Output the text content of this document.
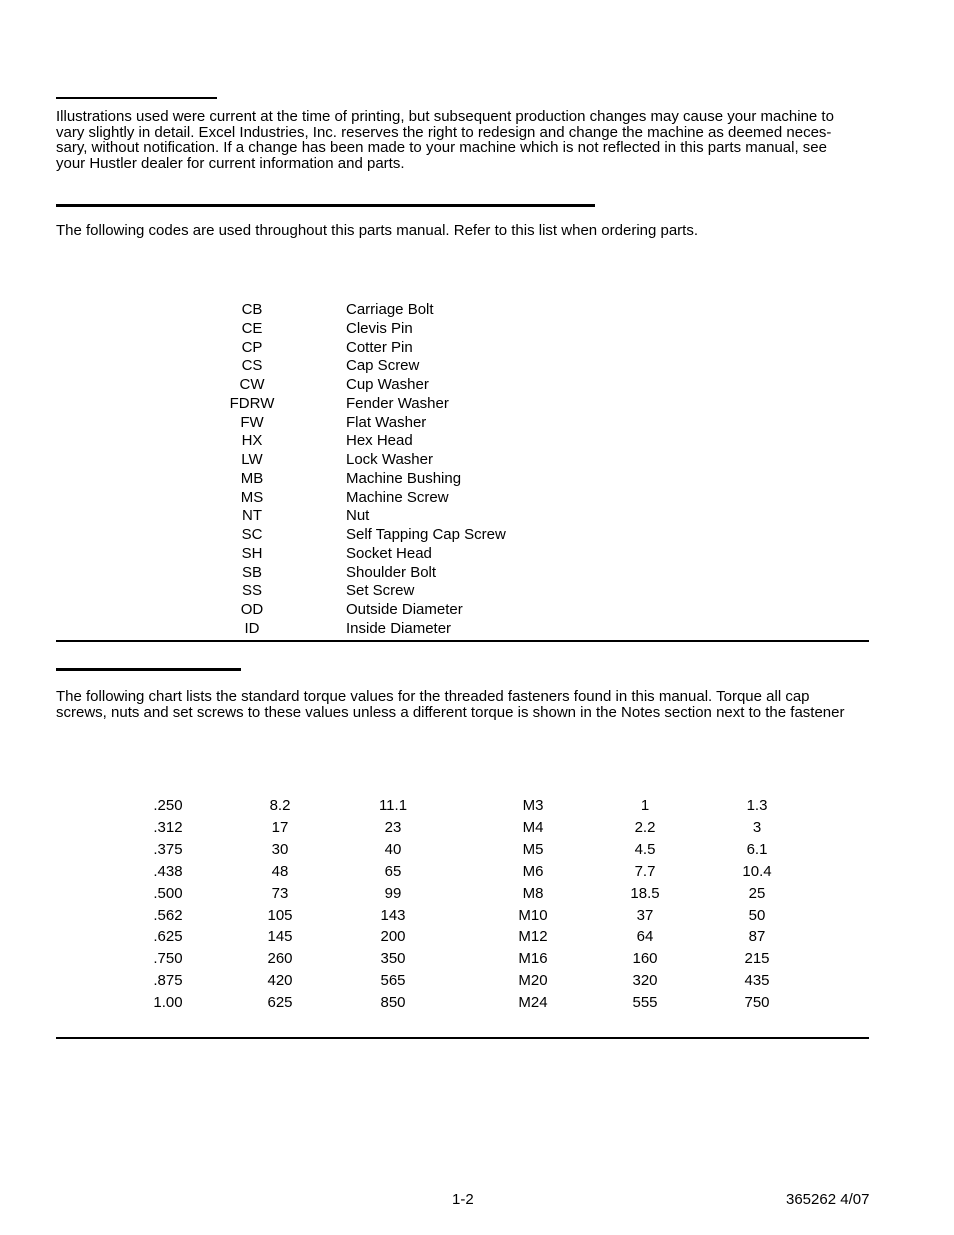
Illustrations used were current at the time of printing, but subsequent production changes may cause your machine to
vary slightly in detail. Excel Industries, Inc. reserves the right to redesign and change the machine as deemed neces-
sary, without notification. If a change has been made to your machine which is not reflected in this parts manual, see
your Hustler dealer for current information and parts.

The following codes are used throughout this parts manual. Refer to this list when ordering parts.

CB	Carriage Bolt
CE	Clevis Pin
CP	Cotter Pin
CS	Cap Screw
CW	Cup Washer
FDRW	Fender Washer
FW	Flat Washer
HX	Hex Head
LW	Lock Washer
MB	Machine Bushing
MS	Machine Screw
NT	Nut
SC	Self Tapping Cap Screw
SH	Socket Head
SB	Shoulder Bolt
SS	Set Screw
OD	Outside Diameter
ID	Inside Diameter

The following chart lists the standard torque values for the threaded fasteners found in this manual. Torque all cap
screws, nuts and set screws to these values unless a different torque is shown in the Notes section next to the fastener

.250	8.2	11.1	M3	1	1.3
.312	17	23	M4	2.2	3
.375	30	40	M5	4.5	6.1
.438	48	65	M6	7.7	10.4
.500	73	99	M8	18.5	25
.562	105	143	M10	37	50
.625	145	200	M12	64	87
.750	260	350	M16	160	215
.875	420	565	M20	320	435
1.00	625	850	M24	555	750
1-2	365262 4/07
